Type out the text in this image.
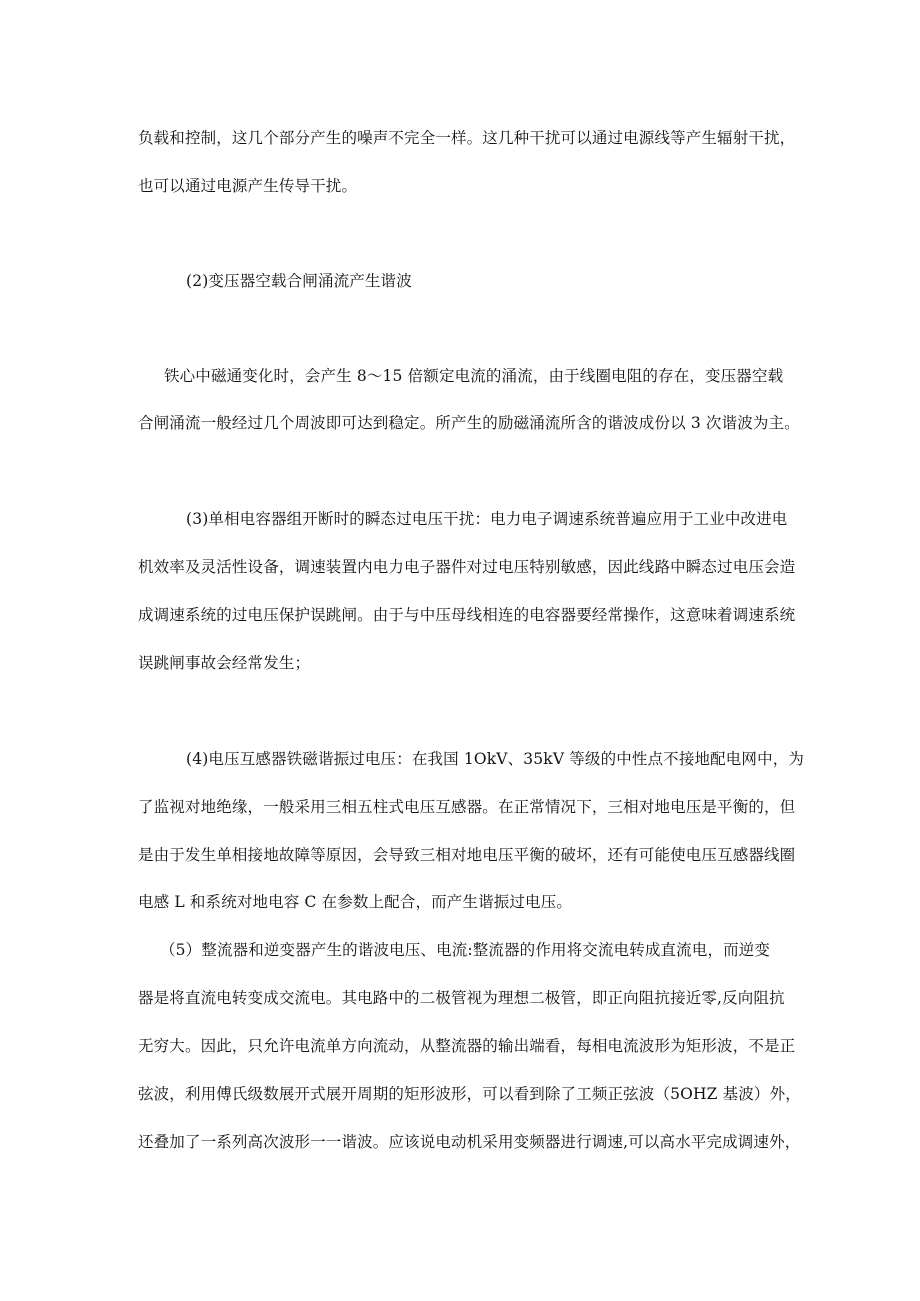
负载和控制，这几个部分产生的噪声不完全一样。这几种干扰可以通过电源线等产生辐射干扰，
也可以通过电源产生传导干扰。
(2)变压器空载合闸涌流产生谐波
铁心中磁通变化时，会产生 8～15 倍额定电流的涌流，由于线圈电阻的存在，变压器空载
合闸涌流一般经过几个周波即可达到稳定。所产生的励磁涌流所含的谐波成份以 3 次谐波为主。
(3)单相电容器组开断时的瞬态过电压干扰：电力电子调速系统普遍应用于工业中改进电
机效率及灵活性设备，调速装置内电力电子器件对过电压特别敏感，因此线路中瞬态过电压会造
成调速系统的过电压保护误跳闸。由于与中压母线相连的电容器要经常操作，这意味着调速系统
误跳闸事故会经常发生；
(4)电压互感器铁磁谐振过电压：在我国 1OkV、35kV 等级的中性点不接地配电网中，为
了监视对地绝缘，一般采用三相五柱式电压互感器。在正常情况下，三相对地电压是平衡的，但
是由于发生单相接地故障等原因，会导致三相对地电压平衡的破坏，还有可能使电压互感器线圈
电感 L 和系统对地电容 C 在参数上配合，而产生谐振过电压。
（5）整流器和逆变器产生的谐波电压、电流:整流器的作用将交流电转成直流电，而逆变
器是将直流电转变成交流电。其电路中的二极管视为理想二极管，即正向阻抗接近零,反向阻抗
无穷大。因此，只允许电流单方向流动，从整流器的输出端看，每相电流波形为矩形波，不是正
弦波，利用傅氏级数展开式展开周期的矩形波形，可以看到除了工频正弦波（5OHZ 基波）外，
还叠加了一系列高次波形一一谐波。应该说电动机采用变频器进行调速,可以高水平完成调速外，
